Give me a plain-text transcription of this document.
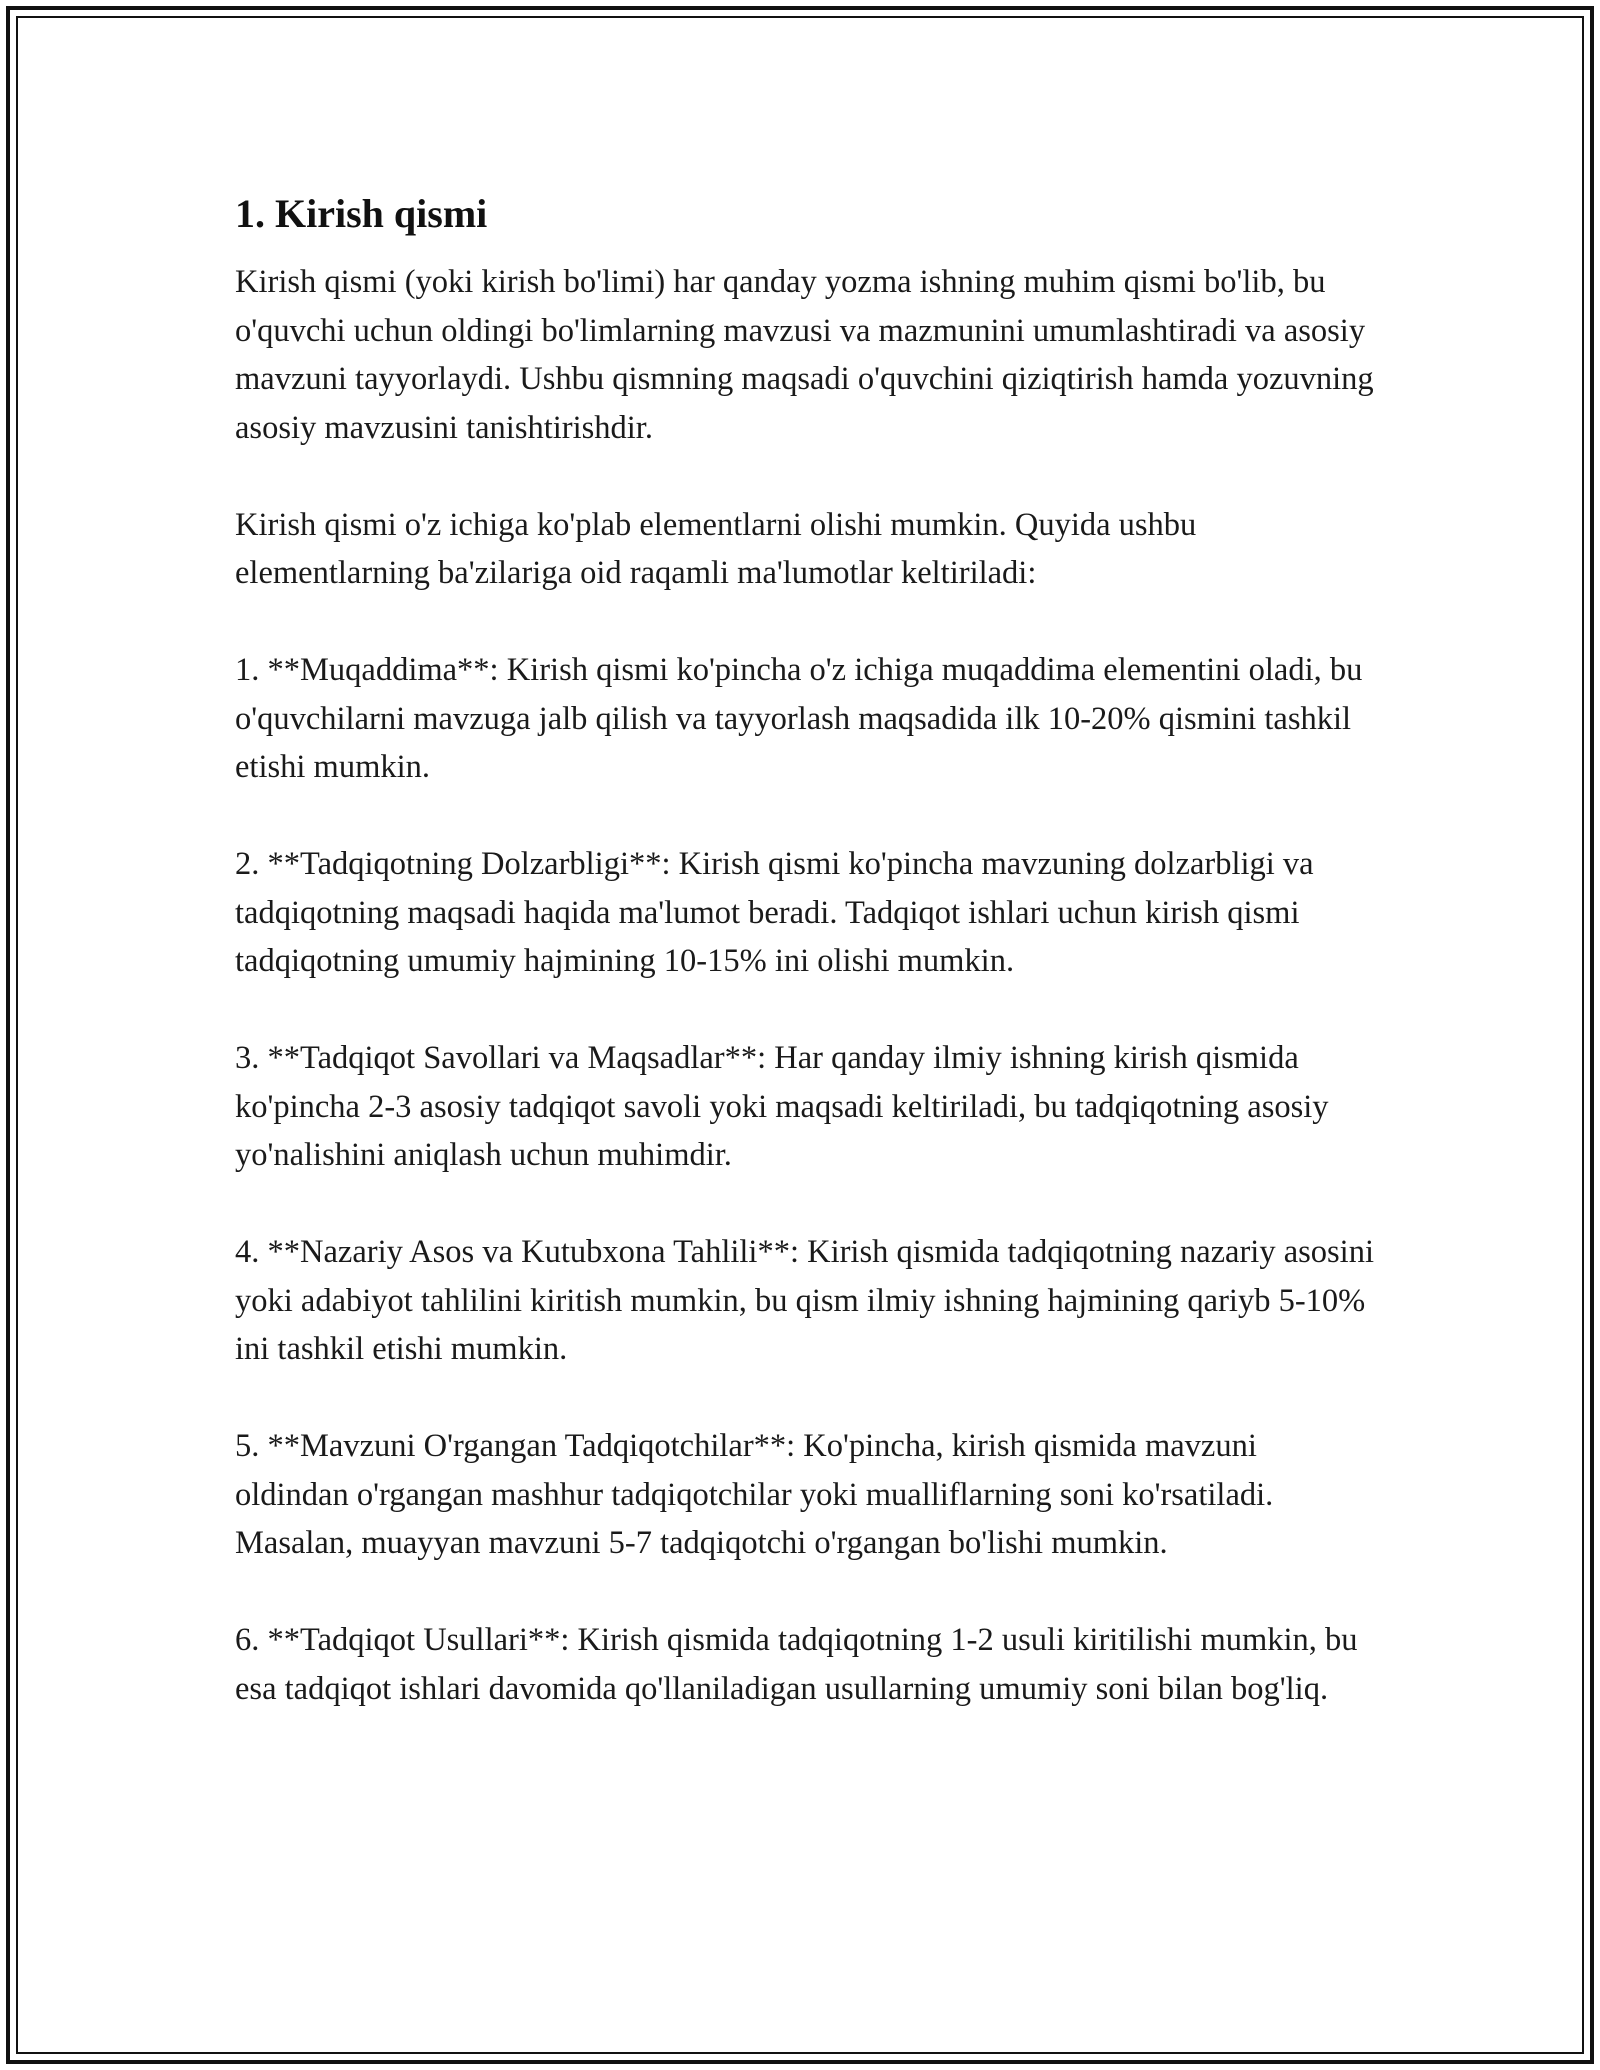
1. Kirish qismi

Kirish qismi (yoki kirish bo'limi) har qanday yozma ishning muhim qismi bo'lib, bu o'quvchi uchun oldingi bo'limlarning mavzusi va mazmunini umumlashtiradi va asosiy mavzuni tayyorlaydi. Ushbu qismning maqsadi o'quvchini qiziqtirish hamda yozuvning asosiy mavzusini tanishtirishdir.

Kirish qismi o'z ichiga ko'plab elementlarni olishi mumkin. Quyida ushbu elementlarning ba'zilariga oid raqamli ma'lumotlar keltiriladi:

1. **Muqaddima**: Kirish qismi ko'pincha o'z ichiga muqaddima elementini oladi, bu o'quvchilarni mavzuga jalb qilish va tayyorlash maqsadida ilk 10-20% qismini tashkil etishi mumkin.

2. **Tadqiqotning Dolzarbligi**: Kirish qismi ko'pincha mavzuning dolzarbligi va tadqiqotning maqsadi haqida ma'lumot beradi. Tadqiqot ishlari uchun kirish qismi tadqiqotning umumiy hajmining 10-15% ini olishi mumkin.

3. **Tadqiqot Savollari va Maqsadlar**: Har qanday ilmiy ishning kirish qismida ko'pincha 2-3 asosiy tadqiqot savoli yoki maqsadi keltiriladi, bu tadqiqotning asosiy yo'nalishini aniqlash uchun muhimdir.

4. **Nazariy Asos va Kutubxona Tahlili**: Kirish qismida tadqiqotning nazariy asosini yoki adabiyot tahlilini kiritish mumkin, bu qism ilmiy ishning hajmining qariyb 5-10% ini tashkil etishi mumkin.

5. **Mavzuni O'rgangan Tadqiqotchilar**: Ko'pincha, kirish qismida mavzuni oldindan o'rgangan mashhur tadqiqotchilar yoki mualliflarning soni ko'rsatiladi. Masalan, muayyan mavzuni 5-7 tadqiqotchi o'rgangan bo'lishi mumkin.

6. **Tadqiqot Usullari**: Kirish qismida tadqiqotning 1-2 usuli kiritilishi mumkin, bu esa tadqiqot ishlari davomida qo'llaniladigan usullarning umumiy soni bilan bog'liq.
